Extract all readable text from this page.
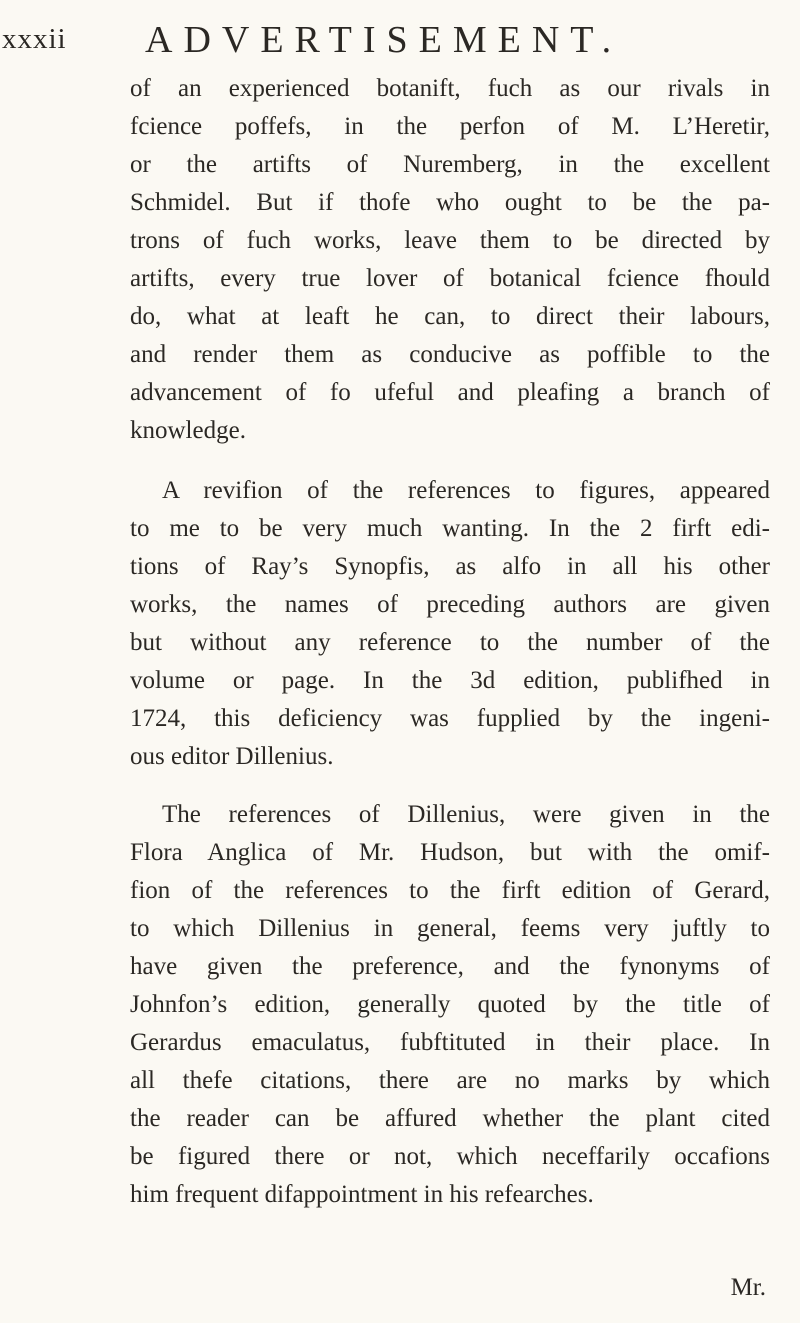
xxxii ADVERTISEMENT.
of an experienced botanift, fuch as our rivals in
fcience poffefs, in the perfon of M. L’Heretir,
or the artifts of Nuremberg, in the excellent
Schmidel. But if thofe who ought to be the pa-
trons of fuch works, leave them to be directed by
artifts, every true lover of botanical fcience fhould
do, what at leaft he can, to direct their labours,
and render them as conducive as poffible to the
advancement of fo ufeful and pleafing a branch of
knowledge.
A revifion of the references to figures, appeared
to me to be very much wanting. In the 2 firft edi-
tions of Ray’s Synopfis, as alfo in all his other
works, the names of preceding authors are given
but without any reference to the number of the
volume or page. In the 3d edition, publifhed in
1724, this deficiency was fupplied by the ingeni-
ous editor Dillenius.
The references of Dillenius, were given in the
Flora Anglica of Mr. Hudson, but with the omif-
fion of the references to the firft edition of Gerard,
to which Dillenius in general, feems very juftly to
have given the preference, and the fynonyms of
Johnfon’s edition, generally quoted by the title of
Gerardus emaculatus, fubftituted in their place. In
all thefe citations, there are no marks by which
the reader can be affured whether the plant cited
be figured there or not, which neceffarily occafions
him frequent difappointment in his refearches.
Mr.
